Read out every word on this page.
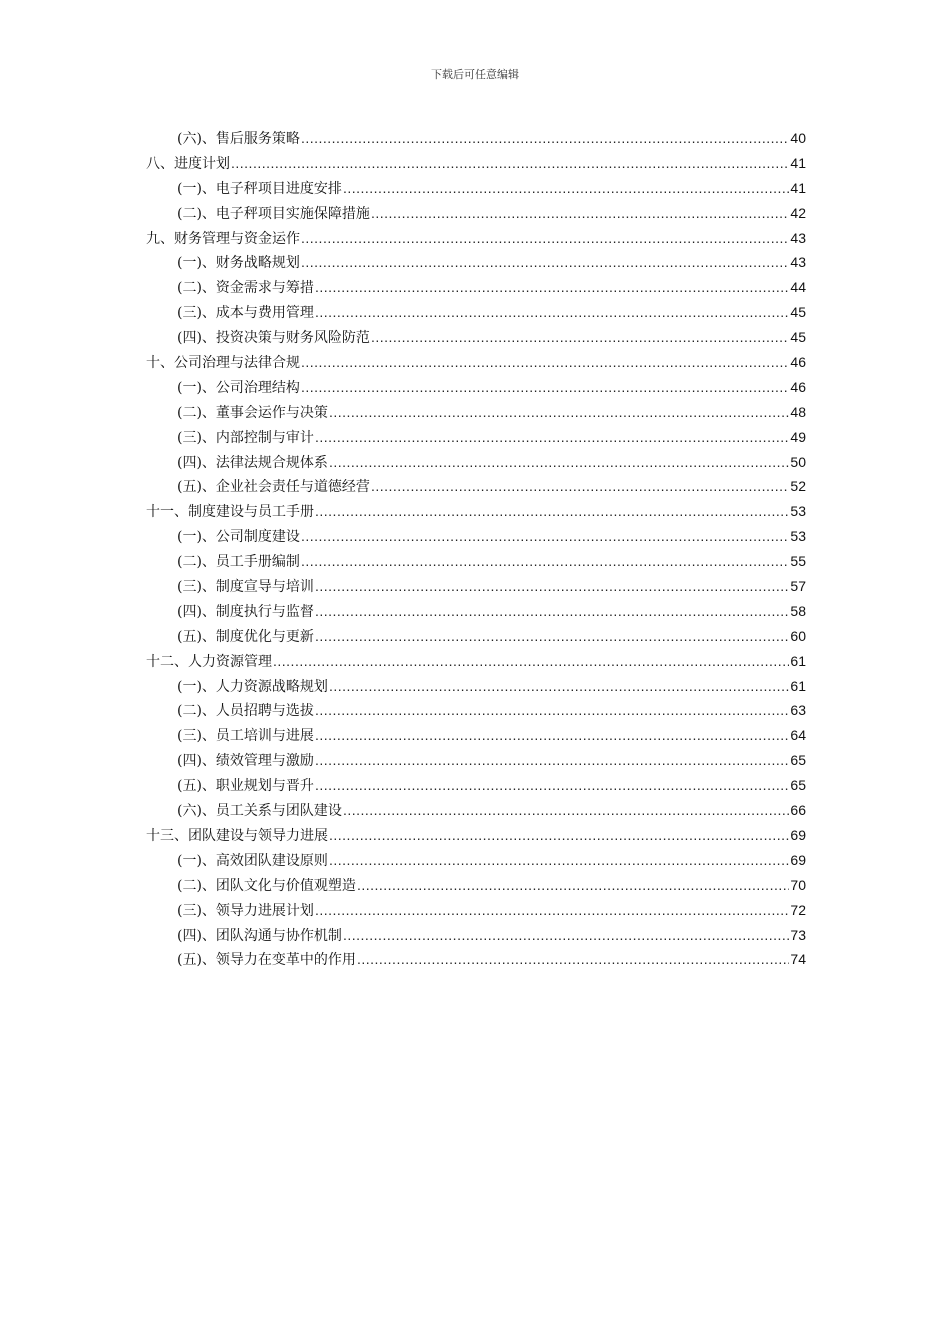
下载后可任意编辑
(六)、售后服务策略 .....	40
八、进度计划 .....	41
(一)、电子秤项目进度安排 .....	41
(二)、电子秤项目实施保障措施 .....	42
九、财务管理与资金运作 .....	43
(一)、财务战略规划 .....	43
(二)、资金需求与筹措 .....	44
(三)、成本与费用管理 .....	45
(四)、投资决策与财务风险防范 .....	45
十、公司治理与法律合规 .....	46
(一)、公司治理结构 .....	46
(二)、董事会运作与决策 .....	48
(三)、内部控制与审计 .....	49
(四)、法律法规合规体系 .....	50
(五)、企业社会责任与道德经营 .....	52
十一、制度建设与员工手册 .....	53
(一)、公司制度建设 .....	53
(二)、员工手册编制 .....	55
(三)、制度宣导与培训 .....	57
(四)、制度执行与监督 .....	58
(五)、制度优化与更新 .....	60
十二、人力资源管理 .....	61
(一)、人力资源战略规划 .....	61
(二)、人员招聘与选拔 .....	63
(三)、员工培训与进展 .....	64
(四)、绩效管理与激励 .....	65
(五)、职业规划与晋升 .....	65
(六)、员工关系与团队建设 .....	66
十三、团队建设与领导力进展 .....	69
(一)、高效团队建设原则 .....	69
(二)、团队文化与价值观塑造 .....	70
(三)、领导力进展计划 .....	72
(四)、团队沟通与协作机制 .....	73
(五)、领导力在变革中的作用 .....	74
